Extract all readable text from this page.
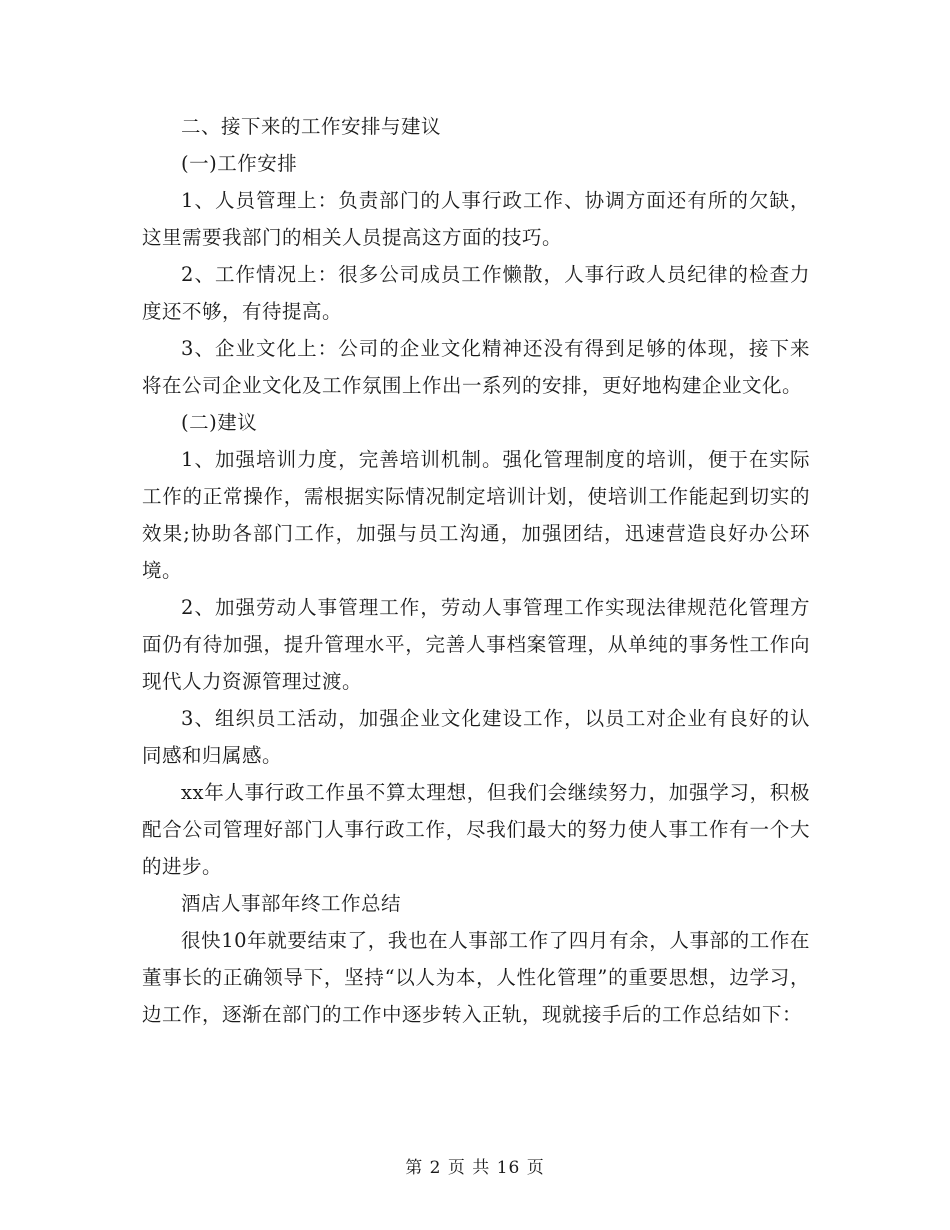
二、接下来的工作安排与建议

(一)工作安排

1、人员管理上：负责部门的人事行政工作、协调方面还有所的欠缺，这里需要我部门的相关人员提高这方面的技巧。

2、工作情况上：很多公司成员工作懒散，人事行政人员纪律的检查力度还不够，有待提高。

3、企业文化上：公司的企业文化精神还没有得到足够的体现，接下来将在公司企业文化及工作氛围上作出一系列的安排，更好地构建企业文化。

(二)建议

1、加强培训力度，完善培训机制。强化管理制度的培训，便于在实际工作的正常操作，需根据实际情况制定培训计划，使培训工作能起到切实的效果;协助各部门工作，加强与员工沟通，加强团结，迅速营造良好办公环境。

2、加强劳动人事管理工作，劳动人事管理工作实现法律规范化管理方面仍有待加强，提升管理水平，完善人事档案管理，从单纯的事务性工作向现代人力资源管理过渡。

3、组织员工活动，加强企业文化建设工作，以员工对企业有良好的认同感和归属感。

xx年人事行政工作虽不算太理想，但我们会继续努力，加强学习，积极配合公司管理好部门人事行政工作，尽我们最大的努力使人事工作有一个大的进步。

酒店人事部年终工作总结

很快10年就要结束了，我也在人事部工作了四月有余，人事部的工作在董事长的正确领导下，坚持“以人为本，人性化管理”的重要思想，边学习，边工作，逐渐在部门的工作中逐步转入正轨，现就接手后的工作总结如下：

第 2 页 共 16 页
